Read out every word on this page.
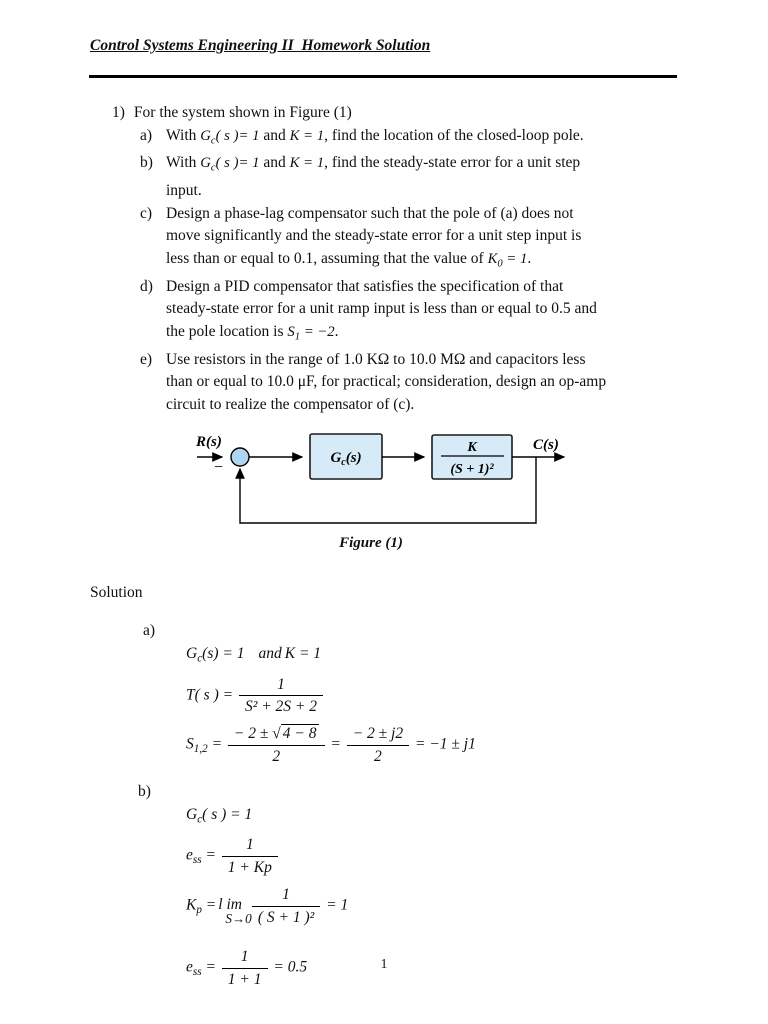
Control Systems Engineering II  Homework Solution
1) For the system shown in Figure (1)
a) With $G_c$( s )= 1 and K = 1, find the location of the closed-loop pole.
b) With $G_c$( s )= 1 and K = 1, find the steady-state error for a unit step
input.
c) Design a phase-lag compensator such that the pole of (a) does not
move significantly and the steady-state error for a unit step input is
less than or equal to 0.1, assuming that the value of $K_0 = 1$.
d) Design a PID compensator that satisfies the specification of that
steady-state error for a unit ramp input is less than or equal to 0.5 and
the pole location is $S_1 = -2$.
e) Use resistors in the range of 1.0 KΩ to 10.0 MΩ and capacitors less
than or equal to 10.0 μF, for practical; consideration, design an op-amp
circuit to realize the compensator of (c).
R(s)
−
$G_c(s)$
K
(S + 1)²
C(s)
Figure (1)
Solution
a)
$G_c(s) = 1$ and K = 1
T( s ) = $\frac{1}{\text{S² + 2S + 2}}$
$S_{1,2} = \frac{- 2 \pm √ 4 - 8}{2} = \frac{- 2 \pm j2}{2} = -1 \pm j1$
b)
$G_c$( s ) = 1
$e_{ss} = \frac{1}{1 + Kp}$
$K_p = l$ im
S→0
$\frac{1}{\text{( S + 1 )²}} = 1$
$e_{ss} = \frac{1}{1 + 1} = 0.5$	1
